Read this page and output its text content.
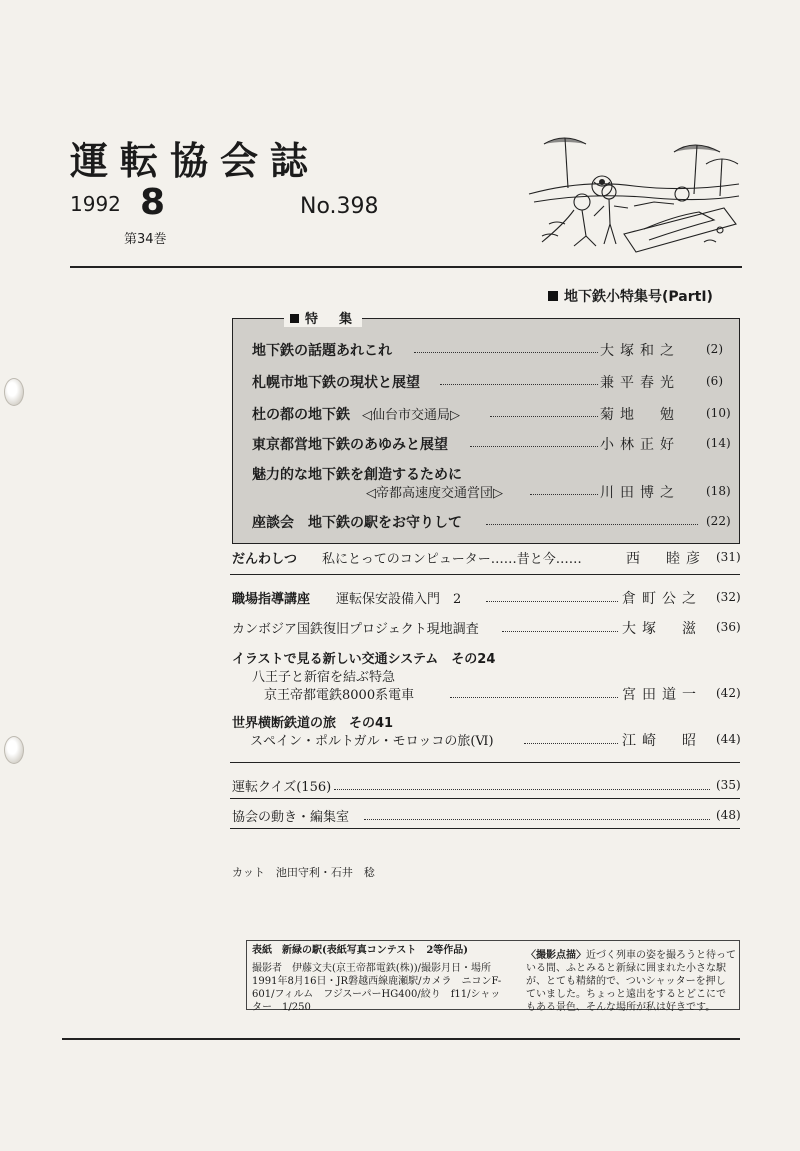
運転協会誌
1992 8	No.398
第34巻
地下鉄小特集号(PartⅠ)
特　集
地下鉄の話題あれこれ	大塚和之 (2)
札幌市地下鉄の現状と展望	兼平春光 (6)
杜の都の地下鉄 ◁仙台市交通局▷	菊地　勉 (10)
東京都営地下鉄のあゆみと展望	小林正好 (14)
魅力的な地下鉄を創造するために
◁帝都高速度交通営団▷	川田博之 (18)
座談会　地下鉄の駅をお守りして	(22)
だんわしつ 私にとってのコンピューター……昔と今……	西　睦彦 (31)
職場指導講座 運転保安設備入門　2	倉町公之 (32)
カンボジア国鉄復旧プロジェクト現地調査	大塚　滋 (36)
イラストで見る新しい交通システム　その24
八王子と新宿を結ぶ特急
京王帝都電鉄8000系電車	宮田道一 (42)
世界横断鉄道の旅　その41
スペイン・ポルトガル・モロッコの旅(Ⅵ)	江崎　昭 (44)
運転クイズ(156)	(35)
協会の動き・編集室	(48)
カット　池田守利・石井　稔
表紙　 新緑の駅(表紙写真コンテスト　2等作品)
撮影者　伊藤文夫(京王帝都電鉄(株))/撮影月日・場所
1991年8月16日・JR磐越西線鹿瀬駅/カメラ　ニコンF-
601/フィルム　フジスーパーHG400/絞り　f11/シャッ
ター　1/250
〈撮影点描〉近づく列車の姿を撮ろうと待って
いる間、ふとみると新緑に囲まれた小さな駅
が、とても精緒的で、ついシャッターを押し
ていました。ちょっと遠出をするとどこにで
もある景色、そんな場所が私は好きです。
